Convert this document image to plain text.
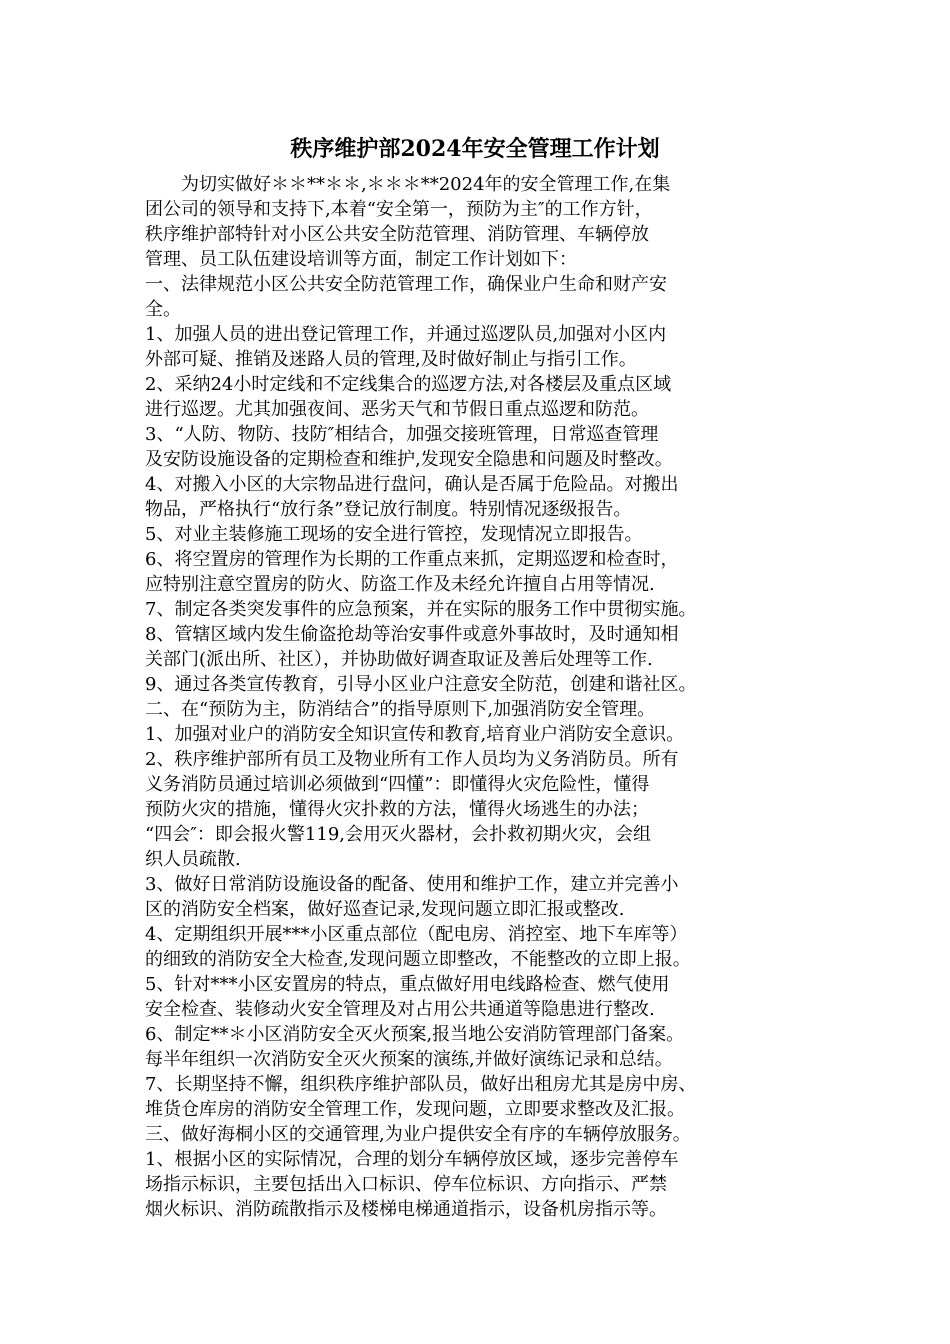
秩序维护部2024年安全管理工作计划
为切实做好＊＊**＊＊,＊＊＊**2024年的安全管理工作,在集
团公司的领导和支持下,本着“安全第一，预防为主″的工作方针，
秩序维护部特针对小区公共安全防范管理、消防管理、车辆停放
管理、员工队伍建设培训等方面，制定工作计划如下：
一、法律规范小区公共安全防范管理工作，确保业户生命和财产安
全。
1、加强人员的进出登记管理工作，并通过巡逻队员,加强对小区内
外部可疑、推销及迷路人员的管理,及时做好制止与指引工作。
2、采纳24小时定线和不定线集合的巡逻方法,对各楼层及重点区域
进行巡逻。尤其加强夜间、恶劣天气和节假日重点巡逻和防范。
3、“人防、物防、技防″相结合，加强交接班管理，日常巡查管理
及安防设施设备的定期检查和维护,发现安全隐患和问题及时整改。
4、对搬入小区的大宗物品进行盘问，确认是否属于危险品。对搬出
物品，严格执行“放行条”登记放行制度。特别情况逐级报告。
5、对业主装修施工现场的安全进行管控，发现情况立即报告。
6、将空置房的管理作为长期的工作重点来抓，定期巡逻和检查时，
应特别注意空置房的防火、防盗工作及未经允许擅自占用等情况.
7、制定各类突发事件的应急预案，并在实际的服务工作中贯彻实施。
8、管辖区域内发生偷盗抢劫等治安事件或意外事故时，及时通知相
关部门(派出所、社区），并协助做好调查取证及善后处理等工作.
9、通过各类宣传教育，引导小区业户注意安全防范，创建和谐社区。
二、在“预防为主，防消结合”的指导原则下,加强消防安全管理。
1、加强对业户的消防安全知识宣传和教育,培育业户消防安全意识。
2、秩序维护部所有员工及物业所有工作人员均为义务消防员。所有
义务消防员通过培训必须做到“四懂”：即懂得火灾危险性，懂得
预防火灾的措施，懂得火灾扑救的方法，懂得火场逃生的办法；
“四会″：即会报火警119,会用灭火器材，会扑救初期火灾，会组
织人员疏散.
3、做好日常消防设施设备的配备、使用和维护工作，建立并完善小
区的消防安全档案，做好巡查记录,发现问题立即汇报或整改.
4、定期组织开展***小区重点部位（配电房、消控室、地下车库等）
的细致的消防安全大检查,发现问题立即整改，不能整改的立即上报。
5、针对***小区安置房的特点，重点做好用电线路检查、燃气使用
安全检查、装修动火安全管理及对占用公共通道等隐患进行整改.
6、制定**＊小区消防安全灭火预案,报当地公安消防管理部门备案。
每半年组织一次消防安全灭火预案的演练,并做好演练记录和总结。
7、长期坚持不懈，组织秩序维护部队员，做好出租房尤其是房中房、
堆货仓库房的消防安全管理工作，发现问题，立即要求整改及汇报。
三、做好海桐小区的交通管理,为业户提供安全有序的车辆停放服务。
1、根据小区的实际情况，合理的划分车辆停放区域，逐步完善停车
场指示标识，主要包括出入口标识、停车位标识、方向指示、严禁
烟火标识、消防疏散指示及楼梯电梯通道指示，设备机房指示等。
